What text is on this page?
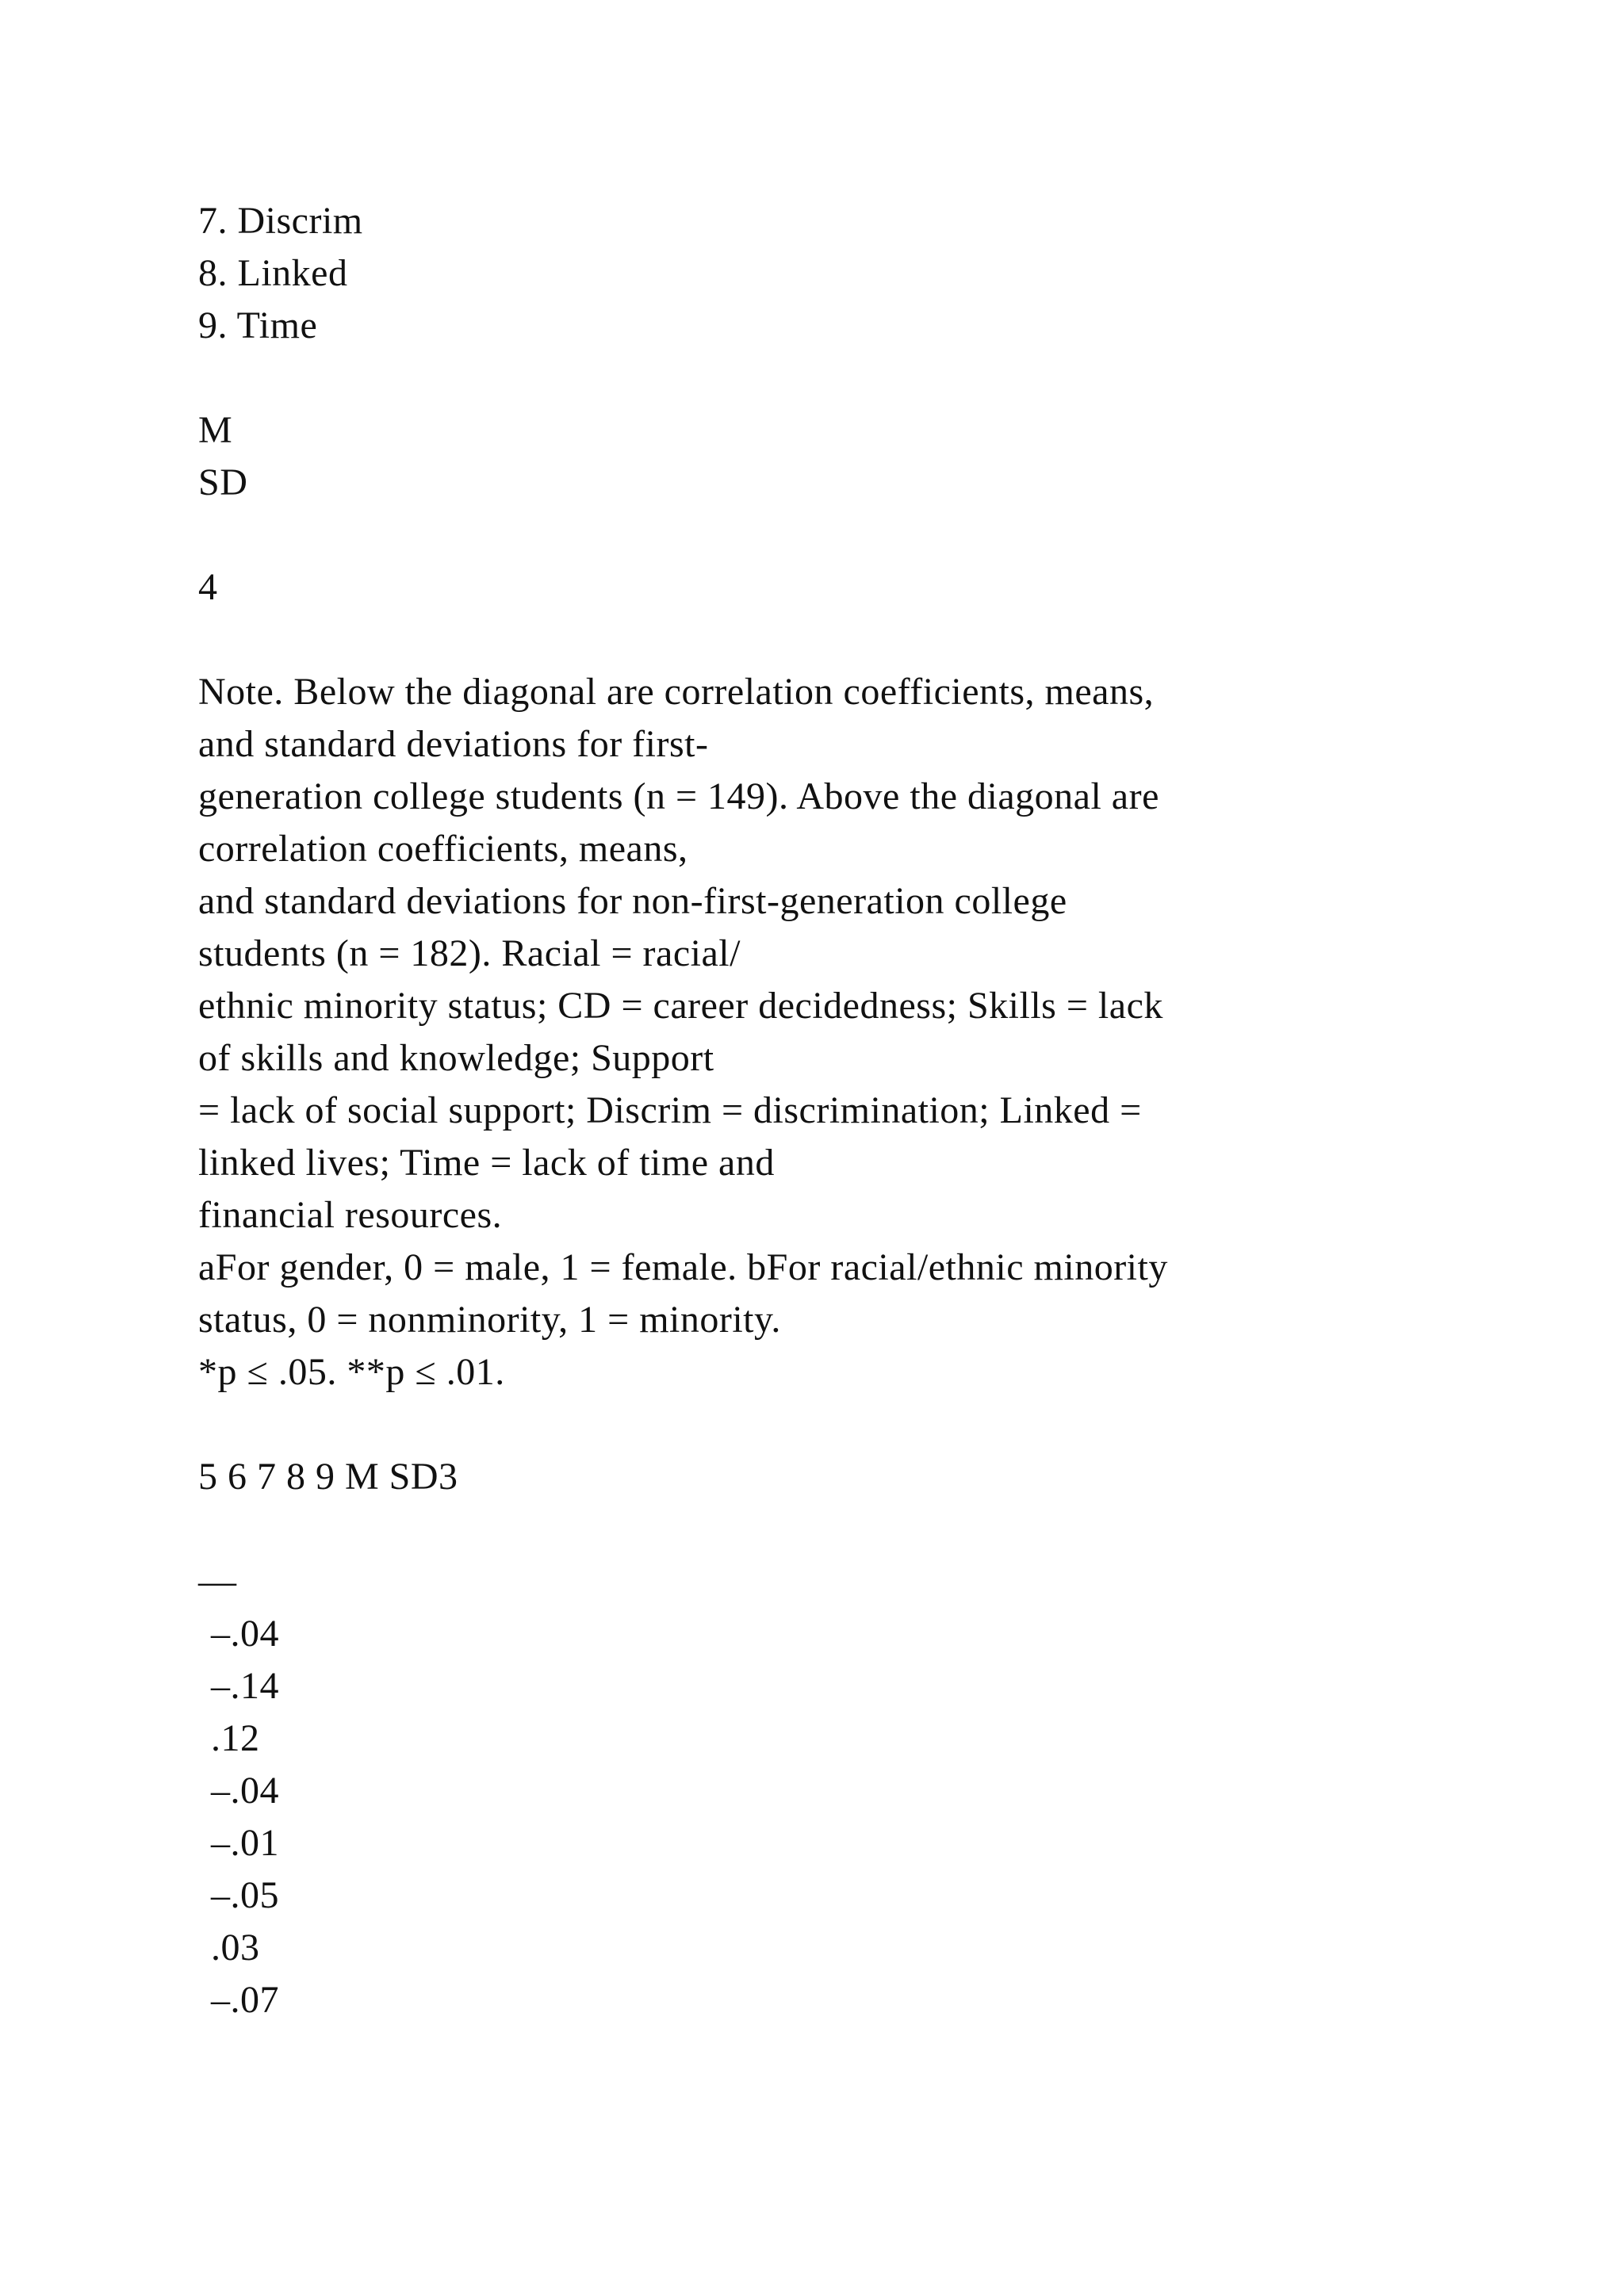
7. Discrim
8. Linked
9. Time
M
SD
4
Note. Below the diagonal are correlation coefficients, means,
and standard deviations for first-
generation college students (n = 149). Above the diagonal are
correlation coefficients, means,
and standard deviations for non-first-generation college
students (n = 182). Racial = racial/
ethnic minority status; CD = career decidedness; Skills = lack
of skills and knowledge; Support
= lack of social support; Discrim = discrimination; Linked =
linked lives; Time = lack of time and
financial resources.
aFor gender, 0 = male, 1 = female. bFor racial/ethnic minority
status, 0 = nonminority, 1 = minority.
*p ≤ .05. **p ≤ .01.
5 6 7 8 9 M SD3
—
–.04
–.14
.12
–.04
–.01
–.05
.03
–.07
